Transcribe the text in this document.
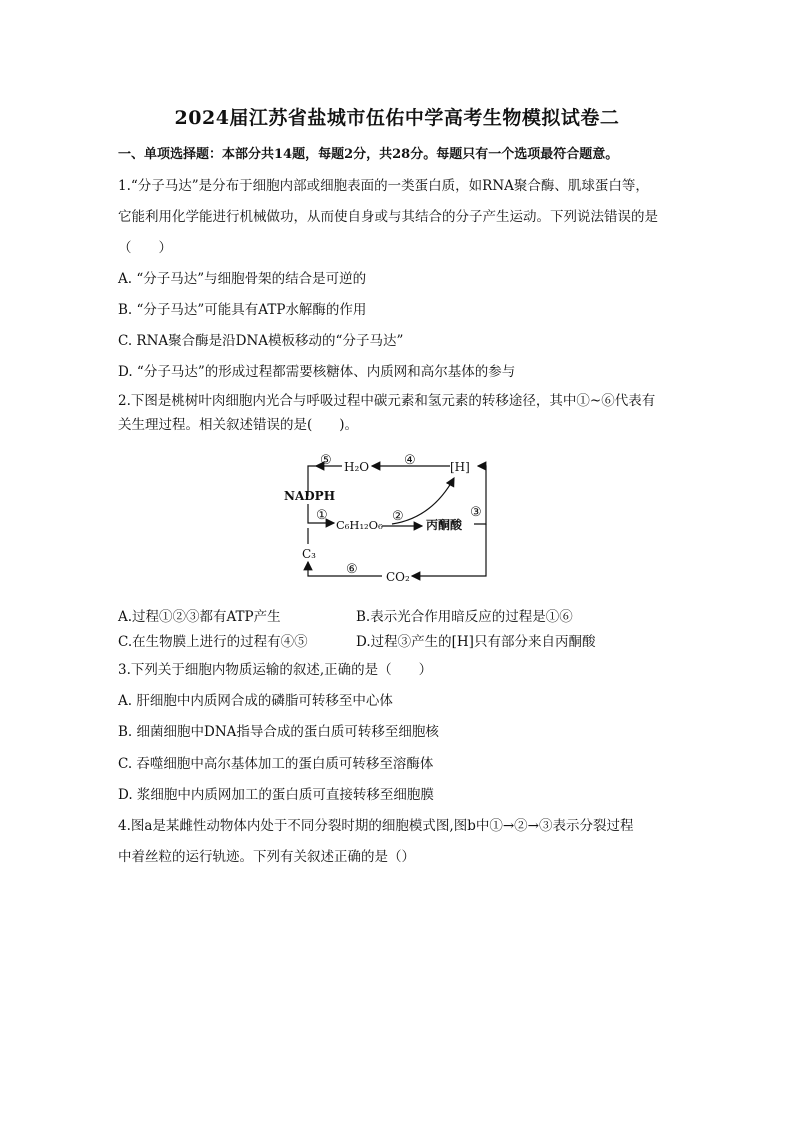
2024届江苏省盐城市伍佑中学高考生物模拟试卷二
一、单项选择题：本部分共14题，每题2分，共28分。每题只有一个选项最符合题意。
1.“分子马达”是分布于细胞内部或细胞表面的一类蛋白质，如RNA聚合酶、肌球蛋白等，
它能利用化学能进行机械做功，从而使自身或与其结合的分子产生运动。下列说法错误的是
（　　）
A. “分子马达”与细胞骨架的结合是可逆的
B. “分子马达”可能具有ATP水解酶的作用
C. RNA聚合酶是沿DNA模板移动的“分子马达”
D. “分子马达”的形成过程都需要核糖体、内质网和高尔基体的参与
2.下图是桃树叶肉细胞内光合与呼吸过程中碳元素和氢元素的转移途径，其中①~⑥代表有
关生理过程。相关叙述错误的是(　　)。
H₂O	[H]
NADPH
C₆H₁₂O₆	丙酮酸
C₃
CO₂
①	②	③
④
⑤
⑥
A.过程①②③都有ATP产生	B.表示光合作用暗反应的过程是①⑥
C.在生物膜上进行的过程有④⑤	D.过程③产生的[H]只有部分来自丙酮酸
3.下列关于细胞内物质运输的叙述,正确的是（　　）
A. 肝细胞中内质网合成的磷脂可转移至中心体
B. 细菌细胞中DNA指导合成的蛋白质可转移至细胞核
C. 吞噬细胞中高尔基体加工的蛋白质可转移至溶酶体
D. 浆细胞中内质网加工的蛋白质可直接转移至细胞膜
4.图a是某雌性动物体内处于不同分裂时期的细胞模式图,图b中①→②→③表示分裂过程
中着丝粒的运行轨迹。下列有关叙述正确的是（）
